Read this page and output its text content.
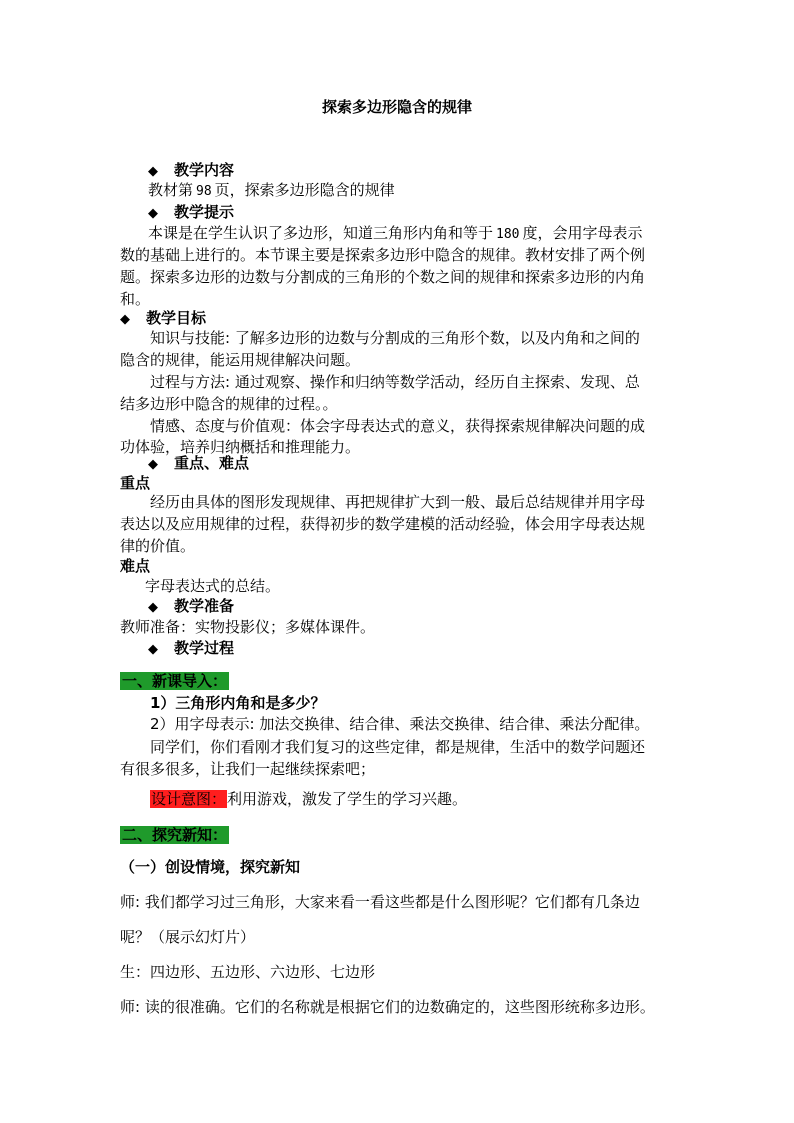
探索多边形隐含的规律
◆ 教学内容
教材第 98 页，探索多边形隐含的规律
◆ 教学提示
本课是在学生认识了多边形，知道三角形内角和等于 180 度，会用字母表示
数的基础上进行的。本节课主要是探索多边形中隐含的规律。教材安排了两个例
题。探索多边形的边数与分割成的三角形的个数之间的规律和探索多边形的内角
和。
◆ 教学目标
知识与技能: 了解多边形的边数与分割成的三角形个数，以及内角和之间的
隐含的规律，能运用规律解决问题。
过程与方法: 通过观察、操作和归纳等数学活动，经历自主探索、发现、总
结多边形中隐含的规律的过程。。
情感、态度与价值观：体会字母表达式的意义，获得探索规律解决问题的成
功体验，培养归纳概括和推理能力。
◆ 重点、难点
重点
经历由具体的图形发现规律、再把规律扩大到一般、最后总结规律并用字母
表达以及应用规律的过程，获得初步的数学建模的活动经验，体会用字母表达规
律的价值。
难点
字母表达式的总结。
◆ 教学准备
教师准备：实物投影仪；多媒体课件。
◆ 教学过程
一、新课导入：
1）三角形内角和是多少？
2）用字母表示: 加法交换律、结合律、乘法交换律、结合律、乘法分配律。
同学们，你们看刚才我们复习的这些定律，都是规律，生活中的数学问题还
有很多很多，让我们一起继续探索吧；
设计意图：利用游戏，激发了学生的学习兴趣。
二、探究新知：
（一）创设情境，探究新知
师: 我们都学习过三角形，大家来看一看这些都是什么图形呢？它们都有几条边
呢？（展示幻灯片）
生：四边形、五边形、六边形、七边形
师: 读的很准确。它们的名称就是根据它们的边数确定的，这些图形统称多边形。
